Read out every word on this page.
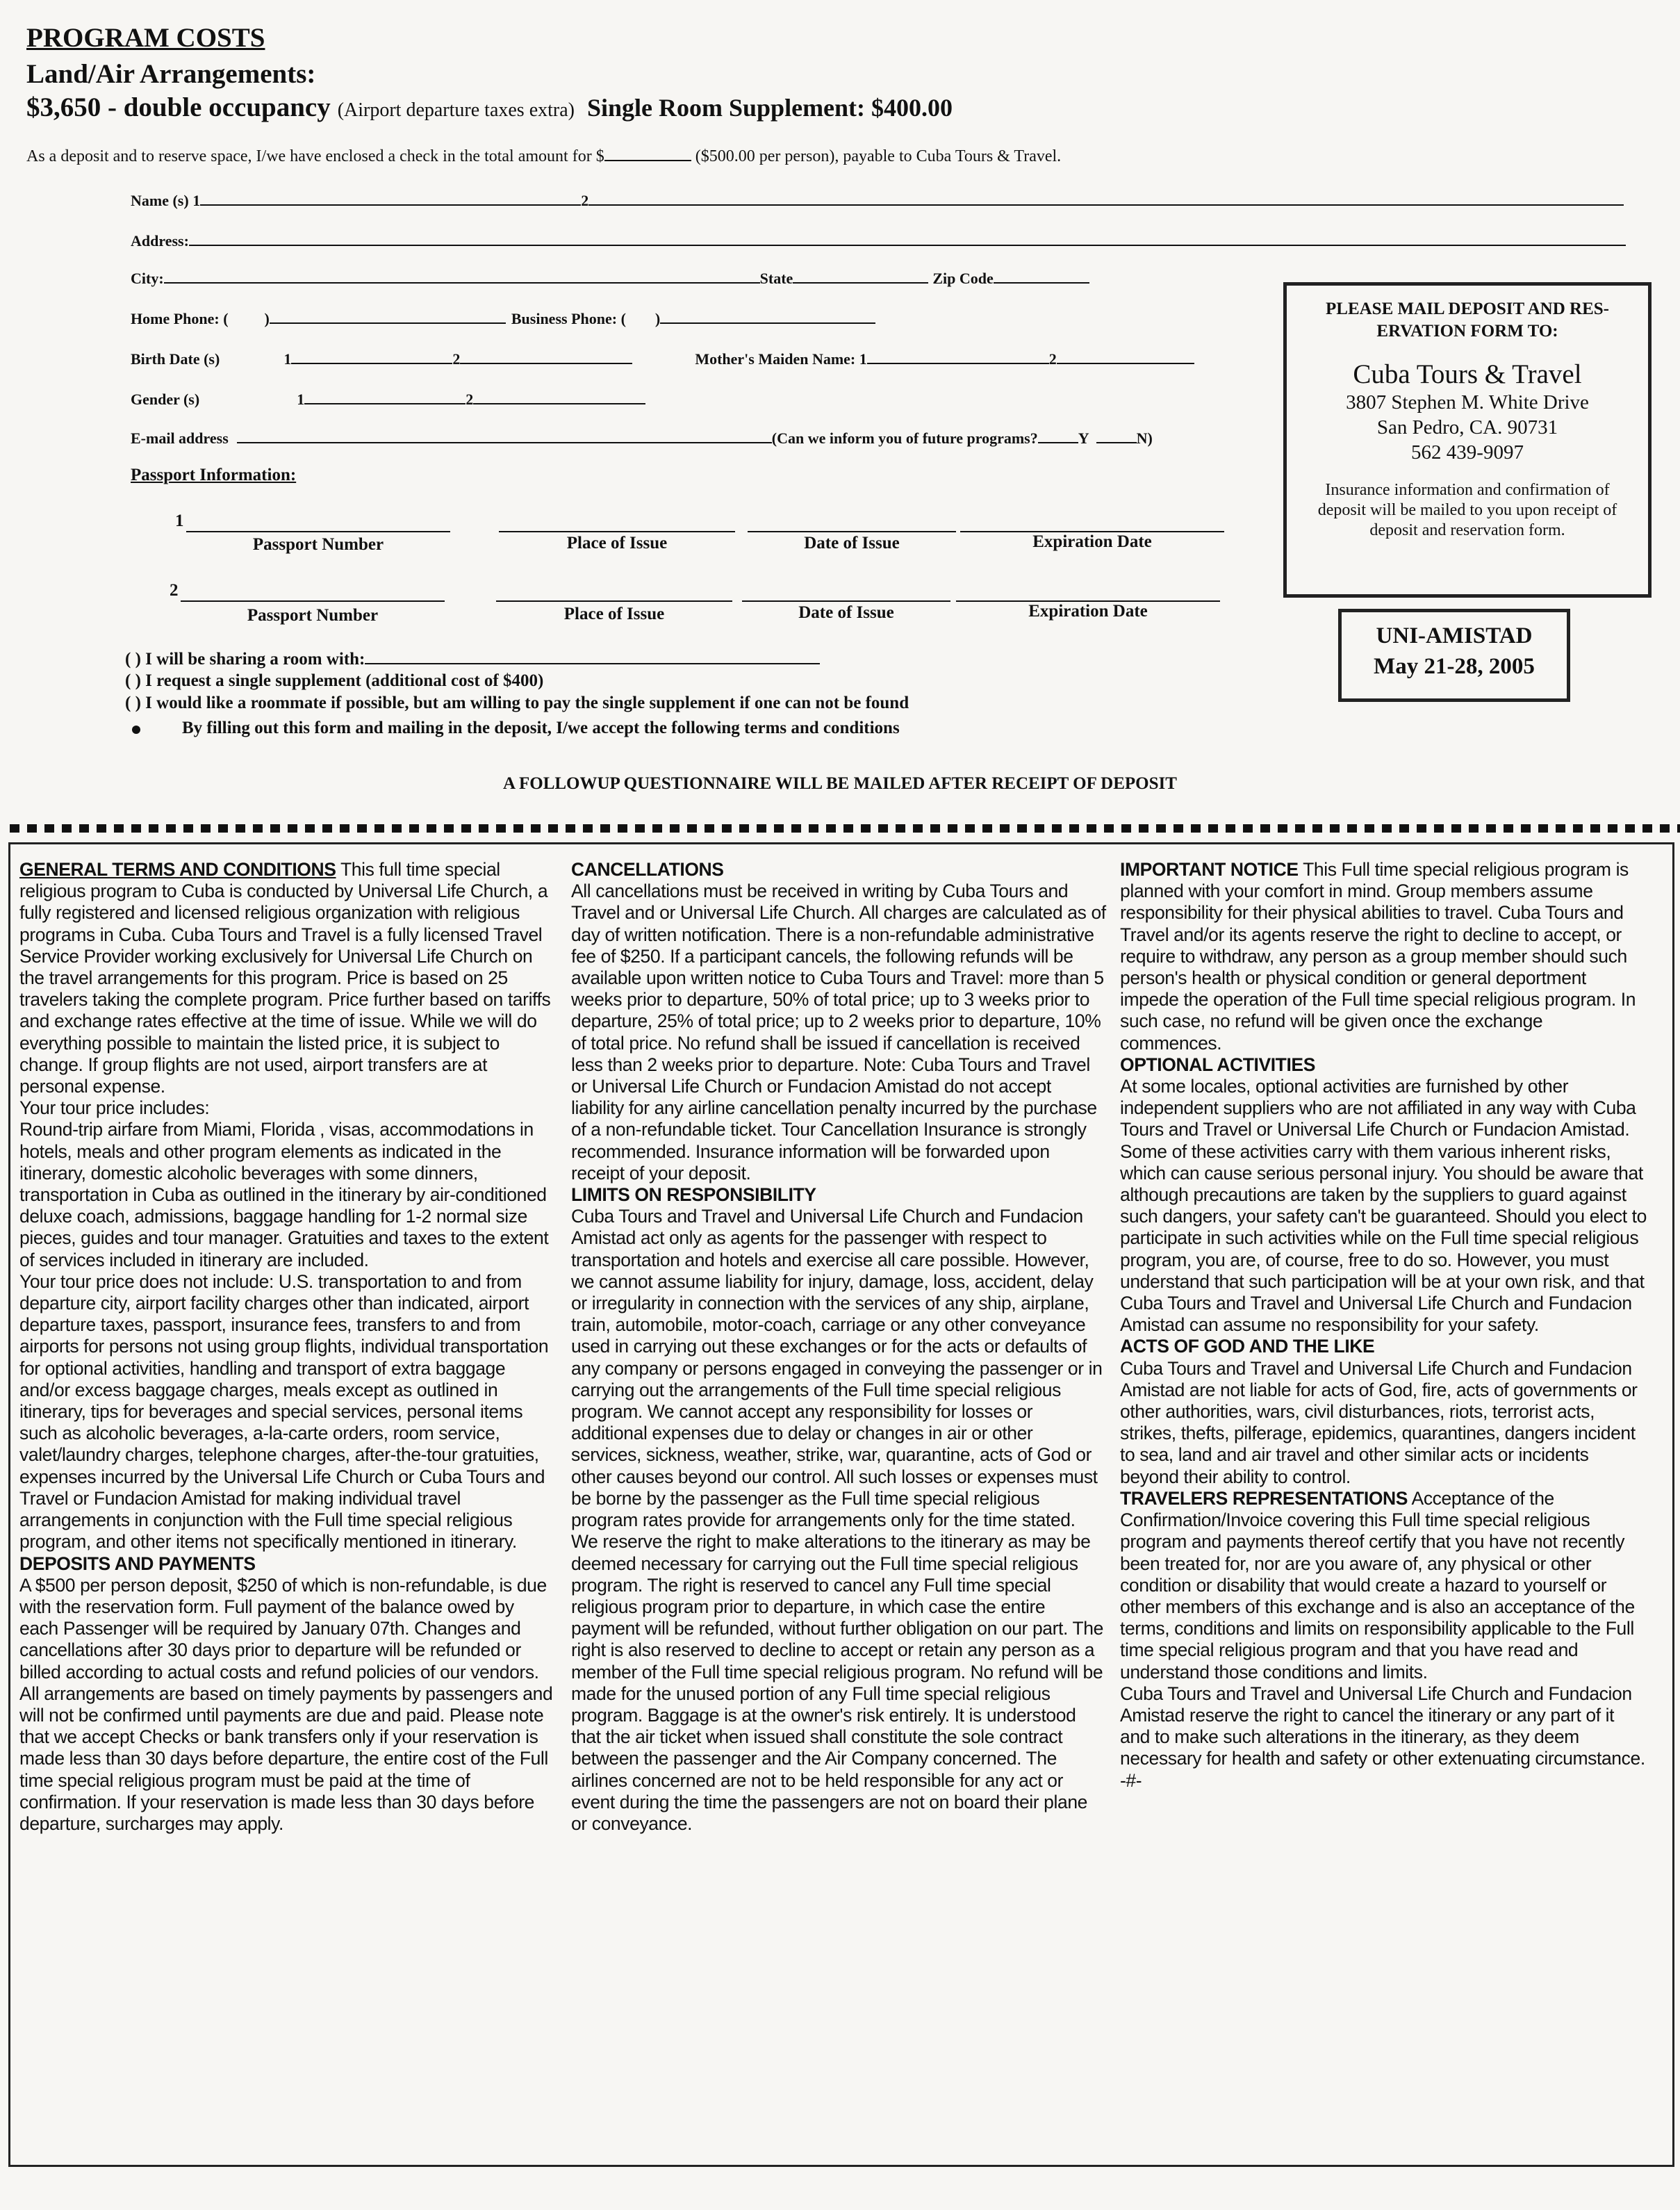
PROGRAM COSTS
Land/Air Arrangements:
$3,650 - double occupancy (Airport departure taxes extra) Single Room Supplement: $400.00
As a deposit and to reserve space, I/we have enclosed a check in the total amount for $	($500.00 per person), payable to Cuba Tours & Travel.
Name (s) 1	2
Address:
City:	State	Zip Code
Home Phone: ( )	Business Phone: ( )
Birth Date (s)	1	2	Mother's Maiden Name: 1	2
Gender (s)	1	2
E-mail address	(Can we inform you of future programs?	Y	N)
Passport Information:
1
Passport Number	Place of Issue	Date of Issue	Expiration Date
2
Passport Number	Place of Issue	Date of Issue	Expiration Date
( ) I will be sharing a room with:
( ) I request a single supplement (additional cost of $400)
( ) I would like a roommate if possible, but am willing to pay the single supplement if one can not be found
By filling out this form and mailing in the deposit, I/we accept the following terms and conditions
A FOLLOWUP QUESTIONNAIRE WILL BE MAILED AFTER RECEIPT OF DEPOSIT
PLEASE MAIL DEPOSIT AND RES-ERVATION FORM TO:
Cuba Tours & Travel
3807 Stephen M. White Drive
San Pedro, CA. 90731
562 439-9097
Insurance information and confirmation of deposit will be mailed to you upon receipt of deposit and reservation form.
UNI-AMISTAD
May 21-28, 2005

GENERAL TERMS AND CONDITIONS This full time special religious program to Cuba is conducted by Universal Life Church, a fully registered and licensed religious organization with religious programs in Cuba. Cuba Tours and Travel is a fully licensed Travel Service Provider working exclusively for Universal Life Church on the travel arrangements for this program. Price is based on 25 travelers taking the complete program. Price further based on tariffs and exchange rates effective at the time of issue. While we will do everything possible to maintain the listed price, it is subject to change. If group flights are not used, airport transfers are at personal expense.

Your tour price includes:

Round-trip airfare from Miami, Florida , visas, accommodations in hotels, meals and other program elements as indicated in the itinerary, domestic alcoholic beverages with some dinners, transportation in Cuba as outlined in the itinerary by air-conditioned deluxe coach, admissions, baggage handling for 1-2 normal size pieces, guides and tour manager. Gratuities and taxes to the extent of services included in itinerary are included.

Your tour price does not include: U.S. transportation to and from departure city, airport facility charges other than indicated, airport departure taxes, passport, insurance fees, transfers to and from airports for persons not using group flights, individual transportation for optional activities, handling and transport of extra baggage and/or excess baggage charges, meals except as outlined in itinerary, tips for beverages and special services, personal items such as alcoholic beverages, a-la-carte orders, room service, valet/laundry charges, telephone charges, after-the-tour gratuities, expenses incurred by the Universal Life Church or Cuba Tours and Travel or Fundacion Amistad for making individual travel arrangements in conjunction with the Full time special religious program, and other items not specifically mentioned in itinerary.

DEPOSITS AND PAYMENTS

A $500 per person deposit, $250 of which is non-refundable, is due with the reservation form. Full payment of the balance owed by each Passenger will be required by January 07th. Changes and cancellations after 30 days prior to departure will be refunded or billed according to actual costs and refund policies of our vendors. All arrangements are based on timely payments by passengers and will not be confirmed until payments are due and paid. Please note that we accept Checks or bank transfers only if your reservation is made less than 30 days before departure, the entire cost of the Full time special religious program must be paid at the time of confirmation. If your reservation is made less than 30 days before departure, surcharges may apply.

CANCELLATIONS

All cancellations must be received in writing by Cuba Tours and Travel and or Universal Life Church. All charges are calculated as of day of written notification. There is a non-refundable administrative fee of $250. If a participant cancels, the following refunds will be available upon written notice to Cuba Tours and Travel: more than 5 weeks prior to departure, 50% of total price; up to 3 weeks prior to departure, 25% of total price; up to 2 weeks prior to departure, 10% of total price. No refund shall be issued if cancellation is received less than 2 weeks prior to departure. Note: Cuba Tours and Travel or Universal Life Church or Fundacion Amistad do not accept liability for any airline cancellation penalty incurred by the purchase of a non-refundable ticket. Tour Cancellation Insurance is strongly recommended. Insurance information will be forwarded upon receipt of your deposit.

LIMITS ON RESPONSIBILITY

Cuba Tours and Travel and Universal Life Church and Fundacion Amistad act only as agents for the passenger with respect to transportation and hotels and exercise all care possible. However, we cannot assume liability for injury, damage, loss, accident, delay or irregularity in connection with the services of any ship, airplane, train, automobile, motor-coach, carriage or any other conveyance used in carrying out these exchanges or for the acts or defaults of any company or persons engaged in conveying the passenger or in carrying out the arrangements of the Full time special religious program. We cannot accept any responsibility for losses or additional expenses due to delay or changes in air or other services, sickness, weather, strike, war, quarantine, acts of God or other causes beyond our control. All such losses or expenses must be borne by the passenger as the Full time special religious program rates provide for arrangements only for the time stated. We reserve the right to make alterations to the itinerary as may be deemed necessary for carrying out the Full time special religious program. The right is reserved to cancel any Full time special religious program prior to departure, in which case the entire payment will be refunded, without further obligation on our part. The right is also reserved to decline to accept or retain any person as a member of the Full time special religious program. No refund will be made for the unused portion of any Full time special religious program. Baggage is at the owner's risk entirely. It is understood that the air ticket when issued shall constitute the sole contract between the passenger and the Air Company concerned. The airlines concerned are not to be held responsible for any act or event during the time the passengers are not on board their plane or conveyance.

IMPORTANT NOTICE This Full time special religious program is planned with your comfort in mind. Group members assume responsibility for their physical abilities to travel. Cuba Tours and Travel and/or its agents reserve the right to decline to accept, or require to withdraw, any person as a group member should such person's health or physical condition or general deportment impede the operation of the Full time special religious program. In such case, no refund will be given once the exchange commences.

OPTIONAL ACTIVITIES

At some locales, optional activities are furnished by other independent suppliers who are not affiliated in any way with Cuba Tours and Travel or Universal Life Church or Fundacion Amistad. Some of these activities carry with them various inherent risks, which can cause serious personal injury. You should be aware that although precautions are taken by the suppliers to guard against such dangers, your safety can't be guaranteed. Should you elect to participate in such activities while on the Full time special religious program, you are, of course, free to do so. However, you must understand that such participation will be at your own risk, and that Cuba Tours and Travel and Universal Life Church and Fundacion Amistad can assume no responsibility for your safety.

ACTS OF GOD AND THE LIKE

Cuba Tours and Travel and Universal Life Church and Fundacion Amistad are not liable for acts of God, fire, acts of governments or other authorities, wars, civil disturbances, riots, terrorist acts, strikes, thefts, pilferage, epidemics, quarantines, dangers incident to sea, land and air travel and other similar acts or incidents beyond their ability to control.

TRAVELERS REPRESENTATIONS Acceptance of the Confirmation/Invoice covering this Full time special religious program and payments thereof certify that you have not recently been treated for, nor are you aware of, any physical or other condition or disability that would create a hazard to yourself or other members of this exchange and is also an acceptance of the terms, conditions and limits on responsibility applicable to the Full time special religious program and that you have read and understand those conditions and limits.

Cuba Tours and Travel and Universal Life Church and Fundacion Amistad reserve the right to cancel the itinerary or any part of it and to make such alterations in the itinerary, as they deem necessary for health and safety or other extenuating circumstance. -#-
